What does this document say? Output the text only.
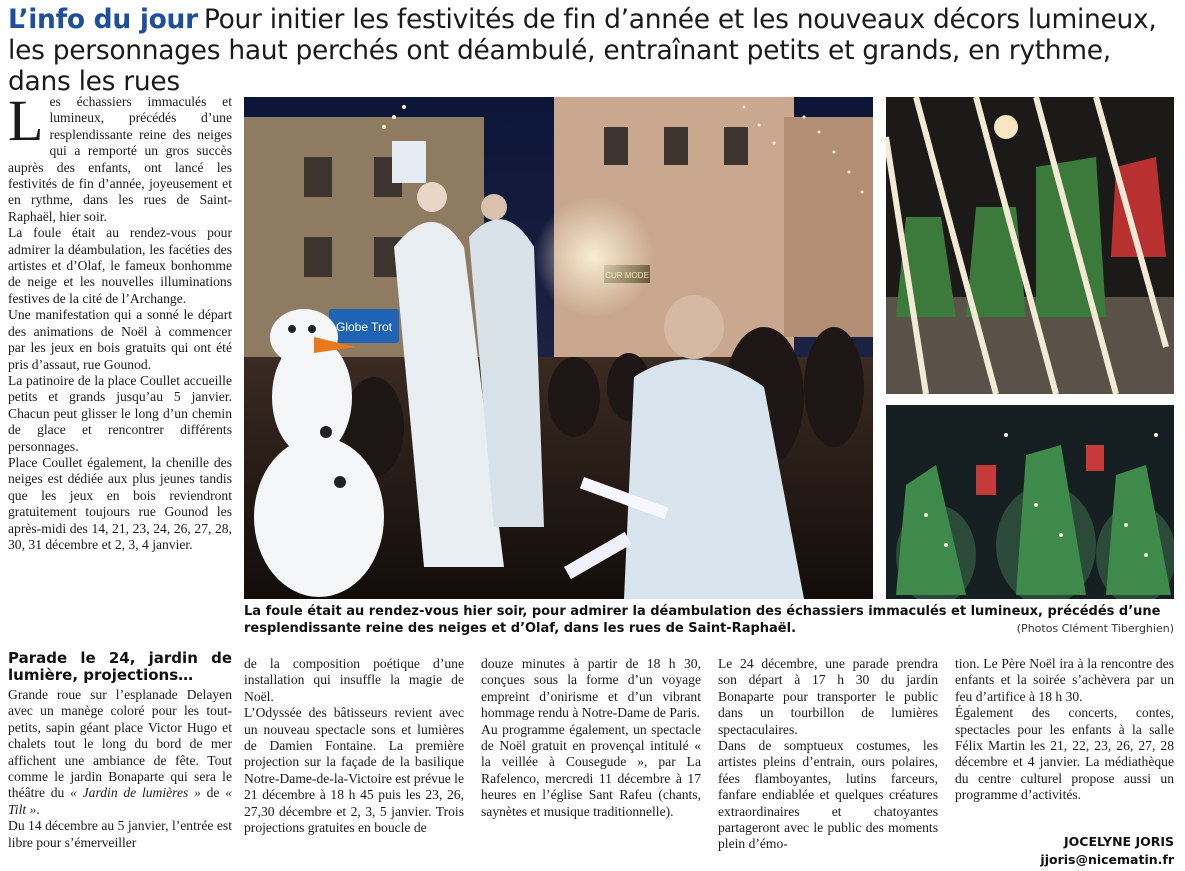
L’info du jour Pour initier les festivités de fin d’année et les nouveaux décors lumineux, les personnages haut perchés ont déambulé, entraînant petits et grands, en rythme, dans les rues

Les échassiers immaculés et lumineux, précédés d’une resplendissante reine des neiges qui a remporté un gros succès auprès des enfants, ont lancé les festivités de fin d’année, joyeusement et en rythme, dans les rues de Saint-Raphaël, hier soir.

La foule était au rendez-vous pour admirer la déambulation, les facéties des artistes et d’Olaf, le fameux bonhomme de neige et les nouvelles illuminations festives de la cité de l’Archange.

Une manifestation qui a sonné le départ des animations de Noël à commencer par les jeux en bois gratuits qui ont été pris d’assaut, rue Gounod.

La patinoire de la place Coullet accueille petits et grands jusqu’au 5 janvier. Chacun peut glisser le long d’un chemin de glace et rencontrer différents personnages.

Place Coullet également, la chenille des neiges est dédiée aux plus jeunes tandis que les jeux en bois reviendront gratuitement toujours rue Gounod les après-midi des 14, 21, 23, 24, 26, 27, 28, 30, 31 décembre et 2, 3, 4 janvier.

Parade le 24, jardin de lumière, projections…

Grande roue sur l’esplanade Delayen avec un manège coloré pour les tout-petits, sapin géant place Victor Hugo et chalets tout le long du bord de mer affichent une ambiance de fête. Tout comme le jardin Bonaparte qui sera le théâtre du « Jardin de lumières » de « Tilt ».

Du 14 décembre au 5 janvier, l’entrée est libre pour s’émerveiller

de la composition poétique d’une installation qui insuffle la magie de Noël.

L’Odyssée des bâtisseurs revient avec un nouveau spectacle sons et lumières de Damien Fontaine. La première projection sur la façade de la basilique Notre-Dame-de-la-Victoire est prévue le 21 décembre à 18 h 45 puis les 23, 26, 27,30 décembre et 2, 3, 5 janvier. Trois projections gratuites en boucle de

douze minutes à partir de 18 h 30, conçues sous la forme d’un voyage empreint d’onirisme et d’un vibrant hommage rendu à Notre-Dame de Paris.

Au programme également, un spectacle de Noël gratuit en provençal intitulé « la veillée à Cousegude », par La Rafelenco, mercredi 11 décembre à 17 heures en l’église Sant Rafeu (chants, saynètes et musique traditionnelle).

Le 24 décembre, une parade prendra son départ à 17 h 30 du jardin Bonaparte pour transporter le public dans un tourbillon de lumières spectaculaires.

Dans de somptueux costumes, les artistes pleins d’entrain, ours polaires, fées flamboyantes, lutins farceurs, fanfare endiablée et quelques créatures extraordinaires et chatoyantes partageront avec le public des moments plein d’émo-

tion. Le Père Noël ira à la rencontre des enfants et la soirée s’achèvera par un feu d’artifice à 18 h 30.

Également des concerts, contes, spectacles pour les enfants à la salle Félix Martin les 21, 22, 23, 26, 27, 28 décembre et 4 janvier. La médiathèque du centre culturel propose aussi un programme d’activités.

Globe Trot

La foule était au rendez-vous hier soir, pour admirer la déambulation des échassiers immaculés et lumineux, précédés d’une resplendissante reine des neiges et d’Olaf, dans les rues de Saint-Raphaël.	(Photos Clément Tiberghien)
JOCELYNE JORIS
jjoris@nicematin.fr
